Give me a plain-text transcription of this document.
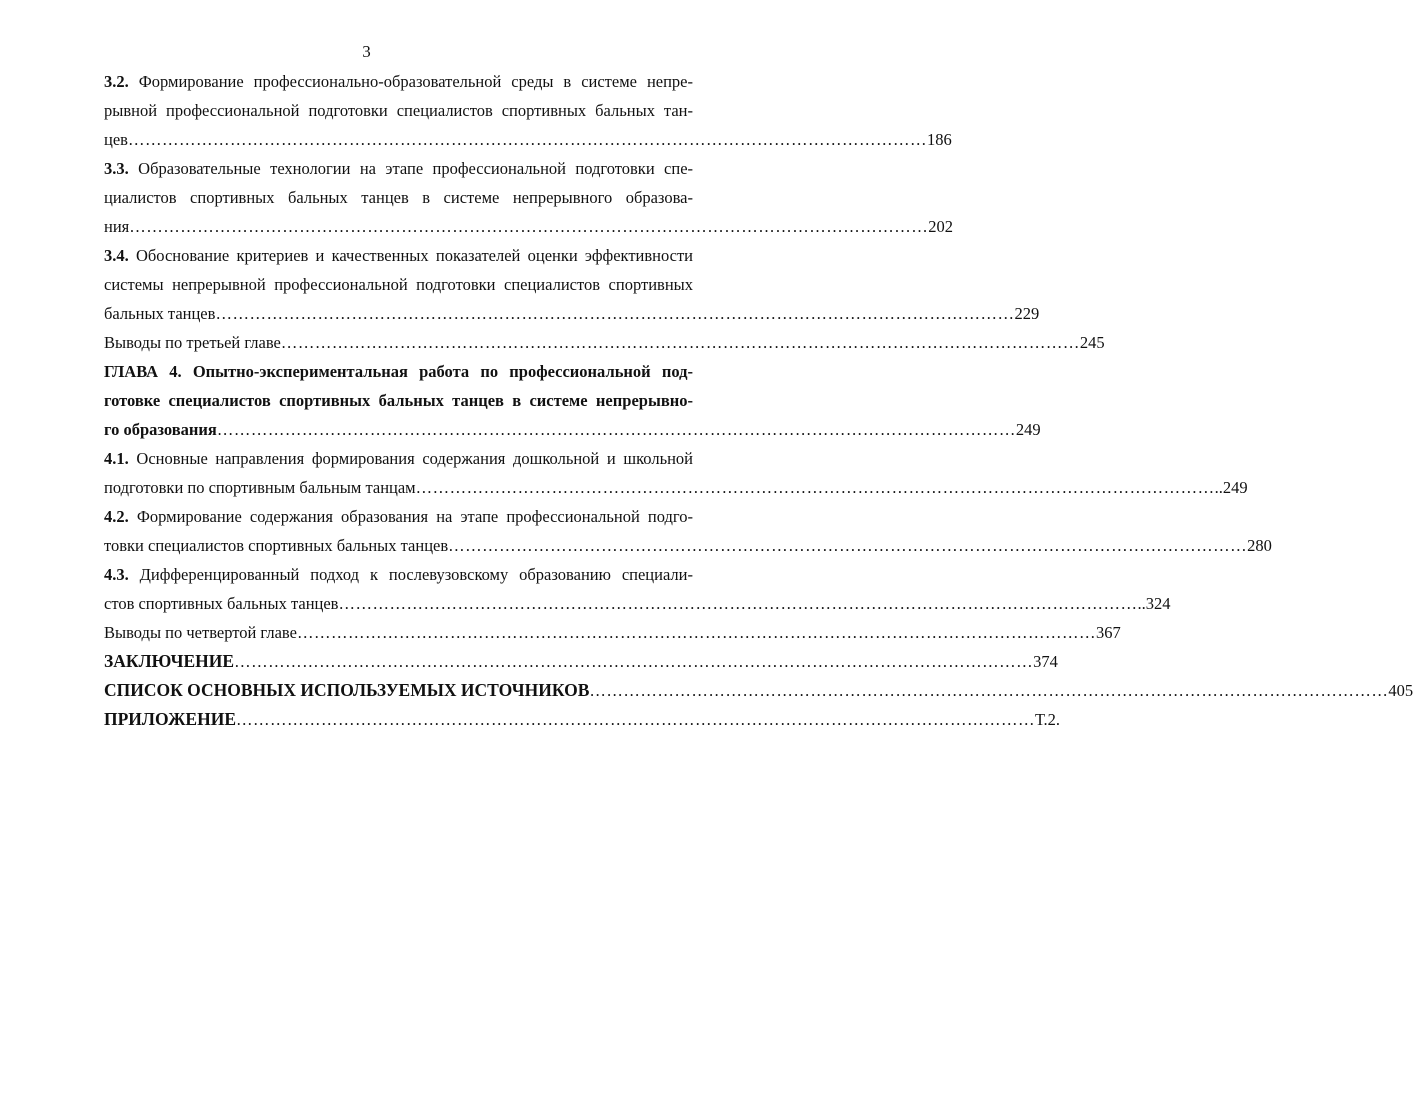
3
3.2. Формирование профессионально-образовательной среды в системе непре-
рывной профессиональной подготовки специалистов спортивных бальных тан-
цев …………………………………………………………………………………………………………………………… 186
3.3. Образовательные технологии на этапе профессиональной подготовки спе-
циалистов спортивных бальных танцев в системе непрерывного образова-
ния …………………………………………………………………………………………………………………………… 202
3.4. Обоснование критериев и качественных показателей оценки эффективности
системы непрерывной профессиональной подготовки специалистов спортивных
бальных танцев …………………………………………………………………………………………………………………………… 229
Выводы по третьей главе …………………………………………………………………………………………………………………………… 245
ГЛАВА 4. Опытно-экспериментальная работа по профессиональной под-
готовке специалистов спортивных бальных танцев в системе непрерывно-
го образования …………………………………………………………………………………………………………………………… 249
4.1. Основные направления формирования содержания дошкольной и школьной
подготовки по спортивным бальным танцам …………………………………………………………………………………………………………………………… ..249
4.2. Формирование содержания образования на этапе профессиональной подго-
товки специалистов спортивных бальных танцев …………………………………………………………………………………………………………………………… 280
4.3. Дифференцированный подход к послевузовскому образованию специали-
стов спортивных бальных танцев …………………………………………………………………………………………………………………………… ..324
Выводы по четвертой главе …………………………………………………………………………………………………………………………… 367
ЗАКЛЮЧЕНИЕ …………………………………………………………………………………………………………………………… 374
СПИСОК ОСНОВНЫХ ИСПОЛЬЗУЕМЫХ ИСТОЧНИКОВ …………………………………………………………………………………………………………………………… 405
ПРИЛОЖЕНИЕ …………………………………………………………………………………………………………………………… Т.2.
